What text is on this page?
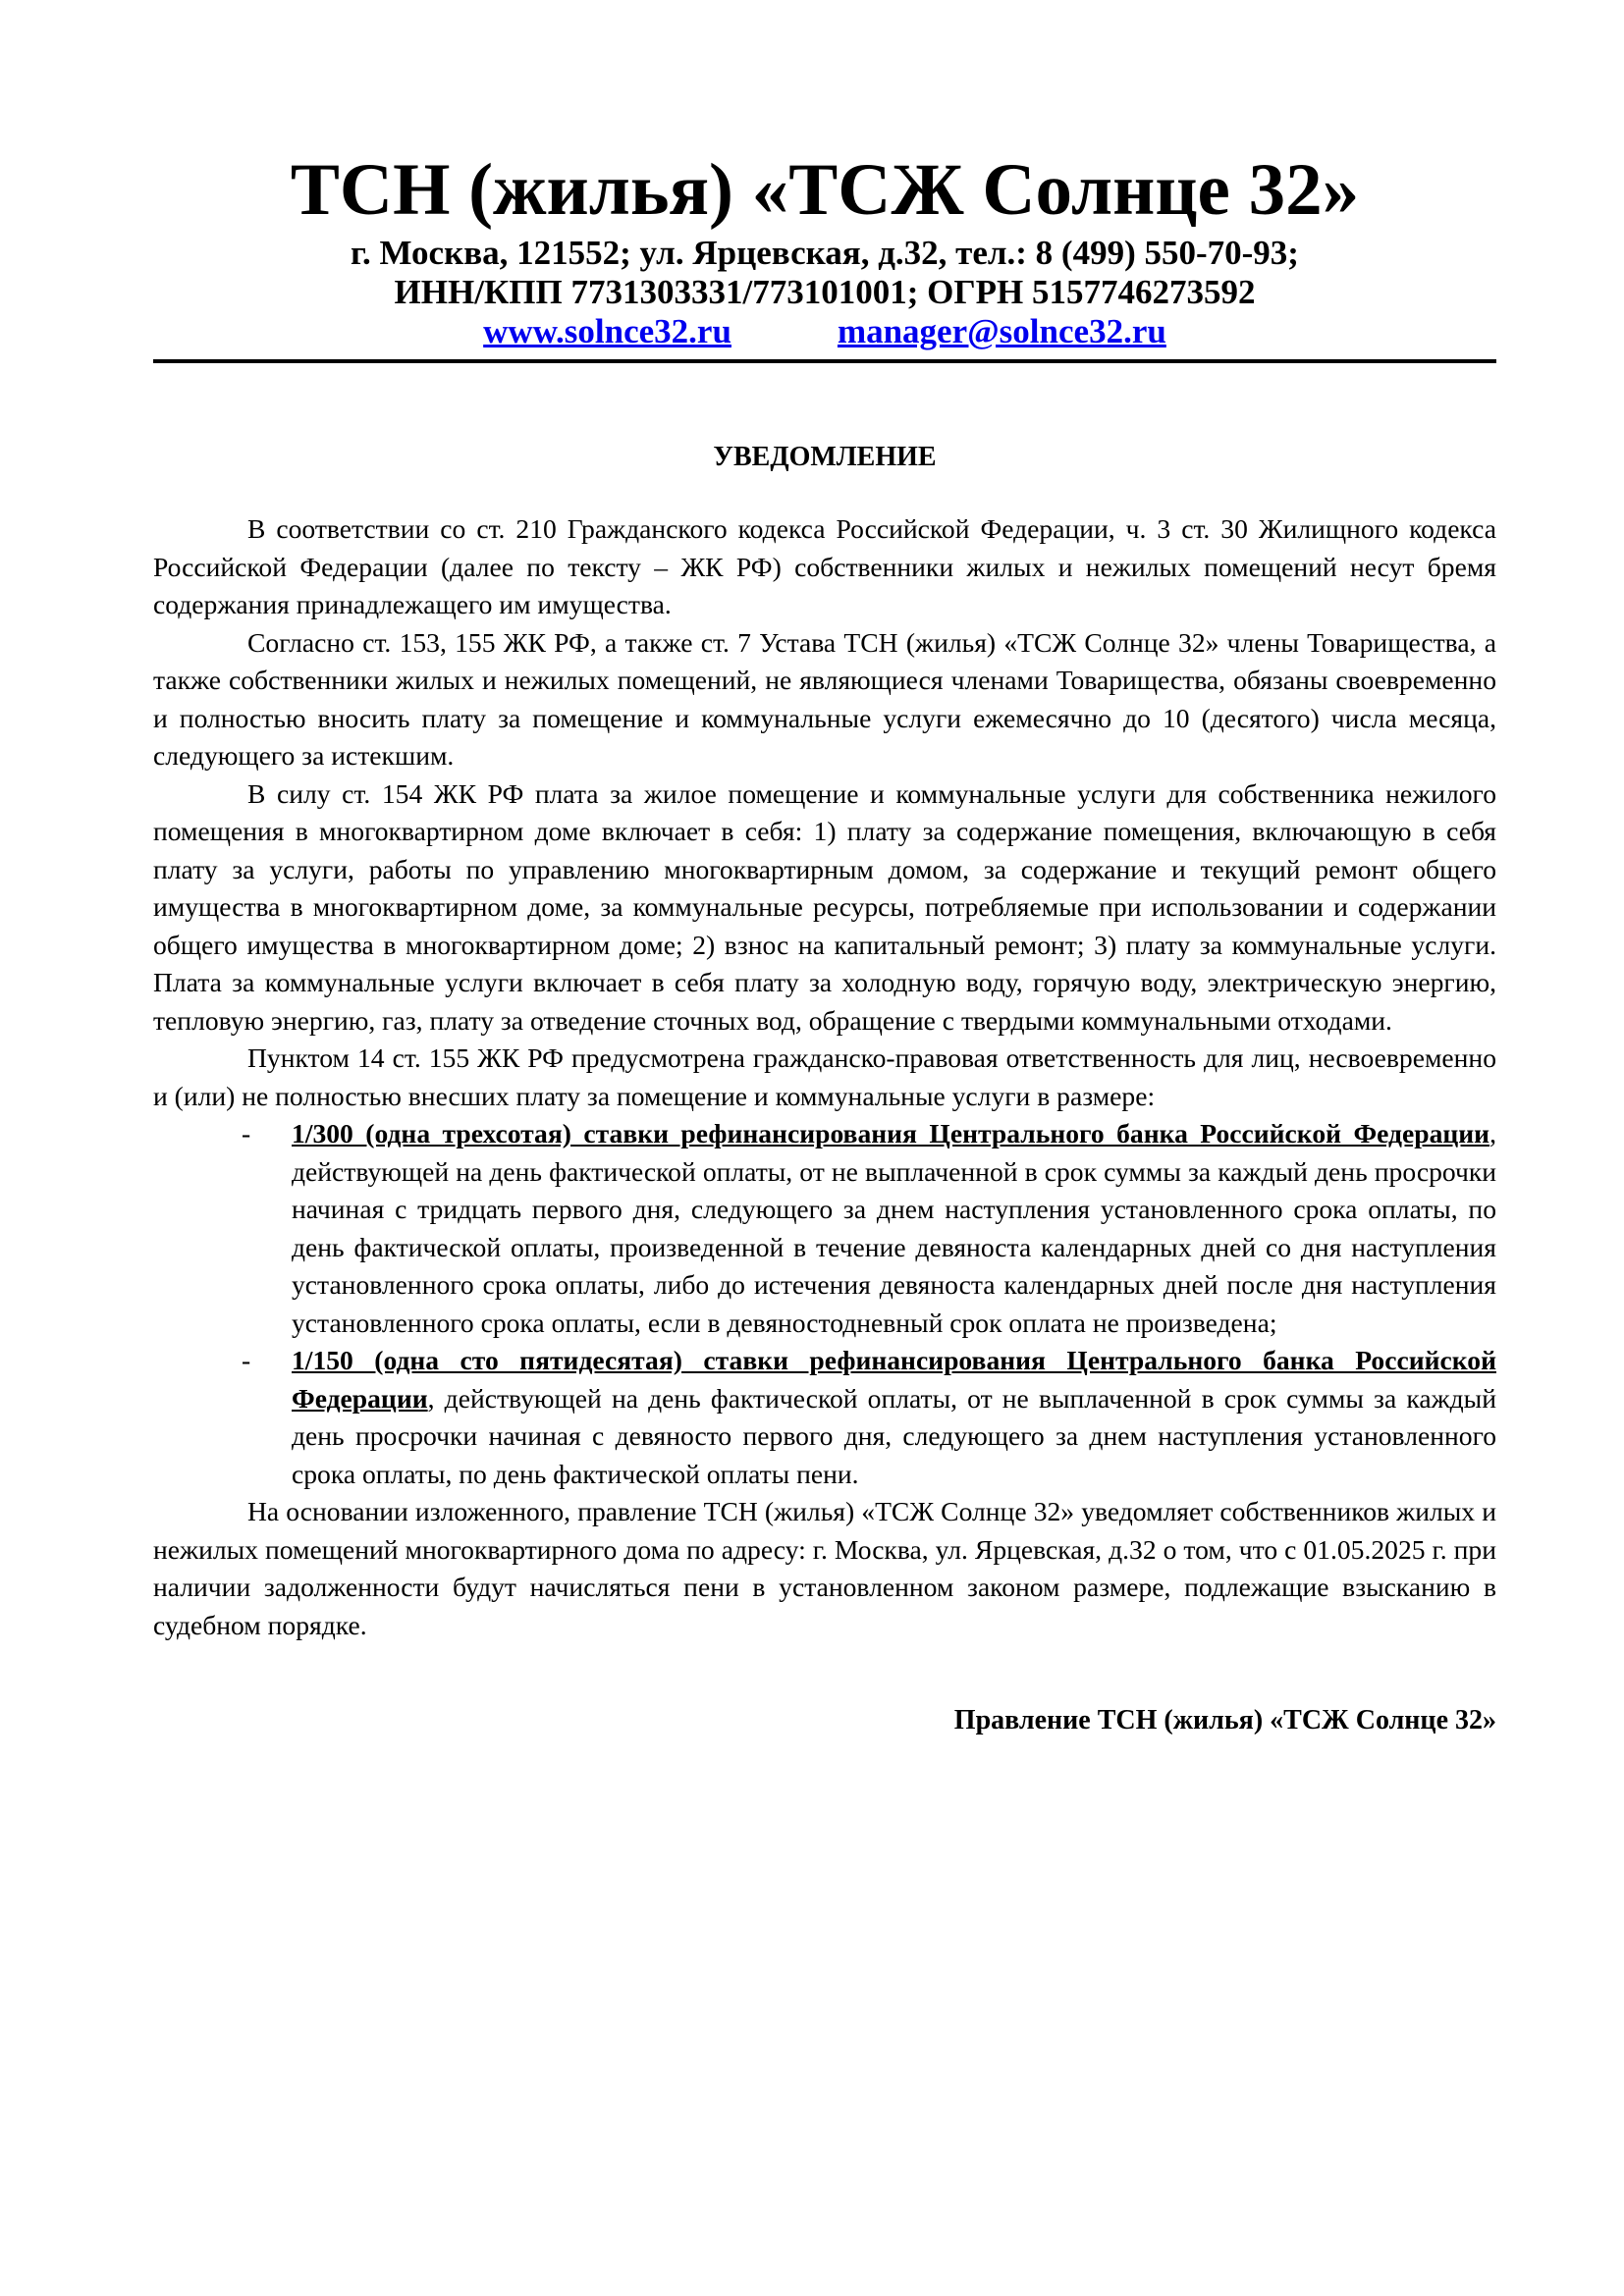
ТСН (жилья) «ТСЖ Солнце 32»

г. Москва, 121552; ул. Ярцевская, д.32, тел.: 8 (499) 550-70-93;

ИНН/КПП 7731303331/773101001; ОГРН 5157746273592

www.solnce32.ru	manager@solnce32.ru

УВЕДОМЛЕНИЕ

В соответствии со ст. 210 Гражданского кодекса Российской Федерации, ч. 3 ст. 30 Жилищного кодекса Российской Федерации (далее по тексту – ЖК РФ) собственники жилых и нежилых помещений несут бремя содержания принадлежащего им имущества.

Согласно ст. 153, 155 ЖК РФ, а также ст. 7 Устава ТСН (жилья) «ТСЖ Солнце 32» члены Товарищества, а также собственники жилых и нежилых помещений, не являющиеся членами Товарищества, обязаны своевременно и полностью вносить плату за помещение и коммунальные услуги ежемесячно до 10 (десятого) числа месяца, следующего за истекшим.

В силу ст. 154 ЖК РФ плата за жилое помещение и коммунальные услуги для собственника нежилого помещения в многоквартирном доме включает в себя: 1) плату за содержание помещения, включающую в себя плату за услуги, работы по управлению многоквартирным домом, за содержание и текущий ремонт общего имущества в многоквартирном доме, за коммунальные ресурсы, потребляемые при использовании и содержании общего имущества в многоквартирном доме; 2) взнос на капитальный ремонт; 3) плату за коммунальные услуги. Плата за коммунальные услуги включает в себя плату за холодную воду, горячую воду, электрическую энергию, тепловую энергию, газ, плату за отведение сточных вод, обращение с твердыми коммунальными отходами.

Пунктом 14 ст. 155 ЖК РФ предусмотрена гражданско-правовая ответственность для лиц, несвоевременно и (или) не полностью внесших плату за помещение и коммунальные услуги в размере:

- 1/300 (одна трехсотая) ставки рефинансирования Центрального банка Российской Федерации, действующей на день фактической оплаты, от не выплаченной в срок суммы за каждый день просрочки начиная с тридцать первого дня, следующего за днем наступления установленного срока оплаты, по день фактической оплаты, произведенной в течение девяноста календарных дней со дня наступления установленного срока оплаты, либо до истечения девяноста календарных дней после дня наступления установленного срока оплаты, если в девяностодневный срок оплата не произведена;
- 1/150 (одна сто пятидесятая) ставки рефинансирования Центрального банка Российской Федерации, действующей на день фактической оплаты, от не выплаченной в срок суммы за каждый день просрочки начиная с девяносто первого дня, следующего за днем наступления установленного срока оплаты, по день фактической оплаты пени.

На основании изложенного, правление ТСН (жилья) «ТСЖ Солнце 32» уведомляет собственников жилых и нежилых помещений многоквартирного дома по адресу: г. Москва, ул. Ярцевская, д.32 о том, что с 01.05.2025 г. при наличии задолженности будут начисляться пени в установленном законом размере, подлежащие взысканию в судебном порядке.

Правление ТСН (жилья) «ТСЖ Солнце 32»
